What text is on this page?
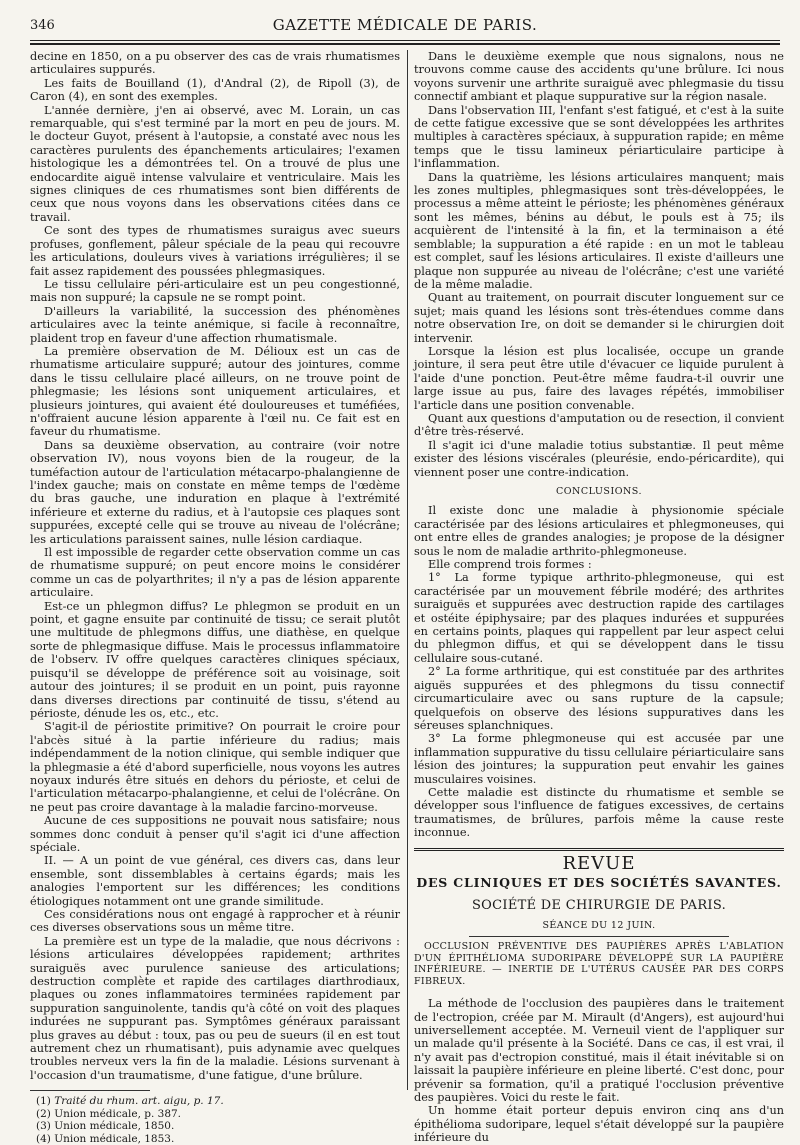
346	GAZETTE MÉDICALE DE PARIS.

decine en 1850, on a pu observer des cas de vrais rhumatismes articulaires suppurés.

Les faits de Bouilland (1), d'Andral (2), de Ripoll (3), de Caron (4), en sont des exemples.

L'année dernière, j'en ai observé, avec M. Lorain, un cas remarquable, qui s'est terminé par la mort en peu de jours. M. le docteur Guyot, présent à l'autopsie, a constaté avec nous les caractères purulents des épanchements articulaires; l'examen histologique les a démontrées tel. On a trouvé de plus une endocardite aiguë intense valvulaire et ventriculaire. Mais les signes cliniques de ces rhumatismes sont bien différents de ceux que nous voyons dans les observations citées dans ce travail.

Ce sont des types de rhumatismes suraigus avec sueurs profuses, gonflement, pâleur spéciale de la peau qui recouvre les articulations, douleurs vives à variations irrégulières; il se fait assez rapidement des poussées phlegmasiques.

Le tissu cellulaire péri-articulaire est un peu congestionné, mais non suppuré; la capsule ne se rompt point.

D'ailleurs la variabilité, la succession des phénomènes articulaires avec la teinte anémique, si facile à reconnaître, plaident trop en faveur d'une affection rhumatismale.

La première observation de M. Délioux est un cas de rhumatisme articulaire suppuré; autour des jointures, comme dans le tissu cellulaire placé ailleurs, on ne trouve point de phlegmasie; les lésions sont uniquement articulaires, et plusieurs jointures, qui avaient été douloureuses et tuméfiées, n'offraient aucune lésion apparente à l'œil nu. Ce fait est en faveur du rhumatisme.

Dans sa deuxième observation, au contraire (voir notre observation IV), nous voyons bien de la rougeur, de la tuméfaction autour de l'articulation métacarpo-phalangienne de l'index gauche; mais on constate en même temps de l'œdème du bras gauche, une induration en plaque à l'extrémité inférieure et externe du radius, et à l'autopsie ces plaques sont suppurées, excepté celle qui se trouve au niveau de l'olécrâne; les articulations paraissent saines, nulle lésion cardiaque.

Il est impossible de regarder cette observation comme un cas de rhumatisme suppuré; on peut encore moins le considérer comme un cas de polyarthrites; il n'y a pas de lésion apparente articulaire.

Est-ce un phlegmon diffus? Le phlegmon se produit en un point, et gagne ensuite par continuité de tissu; ce serait plutôt une multitude de phlegmons diffus, une diathèse, en quelque sorte de phlegmasique diffuse. Mais le processus inflammatoire de l'observ. IV offre quelques caractères cliniques spéciaux, puisqu'il se développe de préférence soit au voisinage, soit autour des jointures; il se produit en un point, puis rayonne dans diverses directions par continuité de tissu, s'étend au périoste, dénude les os, etc., etc.

S'agit-il de périostite primitive? On pourrait le croire pour l'abcès situé à la partie inférieure du radius; mais indépendamment de la notion clinique, qui semble indiquer que la phlegmasie a été d'abord superficielle, nous voyons les autres noyaux indurés être situés en dehors du périoste, et celui de l'articulation métacarpo-phalangienne, et celui de l'olécrâne. On ne peut pas croire davantage à la maladie farcino-morveuse.

Aucune de ces suppositions ne pouvait nous satisfaire; nous sommes donc conduit à penser qu'il s'agit ici d'une affection spéciale.

II. — A un point de vue général, ces divers cas, dans leur ensemble, sont dissemblables à certains égards; mais les analogies l'emportent sur les différences; les conditions étiologiques notamment ont une grande similitude.

Ces considérations nous ont engagé à rapprocher et à réunir ces diverses observations sous un même titre.

La première est un type de la maladie, que nous décrivons : lésions articulaires développées rapidement; arthrites suraiguës avec purulence sanieuse des articulations; destruction complète et rapide des cartilages diarthrodiaux, plaques ou zones inflammatoires terminées rapidement par suppuration sanguinolente, tandis qu'à côté on voit des plaques indurées ne suppurant pas. Symptômes généraux paraissant plus graves au début : toux, pas ou peu de sueurs (il en est tout autrement chez un rhumatisant), puis adynamie avec quelques troubles nerveux vers la fin de la maladie. Lésions survenant à l'occasion d'un traumatisme, d'une fatigue, d'une brûlure.

(1) Traité du rhum. art. aigu, p. 17.

(2) Union médicale, p. 387.

(3) Union médicale, 1850.

(4) Union médicale, 1853.

Dans le deuxième exemple que nous signalons, nous ne trouvons comme cause des accidents qu'une brûlure. Ici nous voyons survenir une arthrite suraiguë avec phlegmasie du tissu connectif ambiant et plaque suppurative sur la région nasale.

Dans l'observation III, l'enfant s'est fatigué, et c'est à la suite de cette fatigue excessive que se sont développées les arthrites multiples à caractères spéciaux, à suppuration rapide; en même temps que le tissu lamineux périarticulaire participe à l'inflammation.

Dans la quatrième, les lésions articulaires manquent; mais les zones multiples, phlegmasiques sont très-développées, le processus a même atteint le périoste; les phénomènes généraux sont les mêmes, bénins au début, le pouls est à 75; ils acquièrent de l'intensité à la fin, et la terminaison a été semblable; la suppuration a été rapide : en un mot le tableau est complet, sauf les lésions articulaires. Il existe d'ailleurs une plaque non suppurée au niveau de l'olécrâne; c'est une variété de la même maladie.

Quant au traitement, on pourrait discuter longuement sur ce sujet; mais quand les lésions sont très-étendues comme dans notre observation Ire, on doit se demander si le chirurgien doit intervenir.

Lorsque la lésion est plus localisée, occupe un grande jointure, il sera peut être utile d'évacuer ce liquide purulent à l'aide d'une ponction. Peut-être même faudra-t-il ouvrir une large issue au pus, faire des lavages répétés, immobiliser l'article dans une position convenable.

Quant aux questions d'amputation ou de resection, il convient d'être très-réservé.

Il s'agit ici d'une maladie totius substantiæ. Il peut même exister des lésions viscérales (pleurésie, endo-péricardite), qui viennent poser une contre-indication.

CONCLUSIONS.

Il existe donc une maladie à physionomie spéciale caractérisée par des lésions articulaires et phlegmoneuses, qui ont entre elles de grandes analogies; je propose de la désigner sous le nom de maladie arthrito-phlegmoneuse.

Elle comprend trois formes :

1° La forme typique arthrito-phlegmoneuse, qui est caractérisée par un mouvement fébrile modéré; des arthrites suraiguës et suppurées avec destruction rapide des cartilages et ostéite épiphysaire; par des plaques indurées et suppurées en certains points, plaques qui rappellent par leur aspect celui du phlegmon diffus, et qui se développent dans le tissu cellulaire sous-cutané.

2° La forme arthritique, qui est constituée par des arthrites aiguës suppurées et des phlegmons du tissu connectif circumarticulaire avec ou sans rupture de la capsule; quelquefois on observe des lésions suppuratives dans les séreuses splanchniques.

3° La forme phlegmoneuse qui est accusée par une inflammation suppurative du tissu cellulaire périarticulaire sans lésion des jointures; la suppuration peut envahir les gaines musculaires voisines.

Cette maladie est distincte du rhumatisme et semble se développer sous l'influence de fatigues excessives, de certains traumatismes, de brûlures, parfois même la cause reste inconnue.

REVUE

DES CLINIQUES ET DES SOCIÉTÉS SAVANTES.

SOCIÉTÉ DE CHIRURGIE DE PARIS.

SÉANCE DU 12 JUIN.

OCCLUSION PRÉVENTIVE DES PAUPIÈRES APRÈS L'ABLATION D'UN ÉPITHÉLIOMA SUDORIPARE DÉVELOPPÉ SUR LA PAUPIÈRE INFÉRIEURE. — INERTIE DE L'UTÉRUS CAUSÉE PAR DES CORPS FIBREUX.

La méthode de l'occlusion des paupières dans le traitement de l'ectropion, créée par M. Mirault (d'Angers), est aujourd'hui universellement acceptée. M. Verneuil vient de l'appliquer sur un malade qu'il présente à la Société. Dans ce cas, il est vrai, il n'y avait pas d'ectropion constitué, mais il était inévitable si on laissait la paupière inférieure en pleine liberté. C'est donc, pour prévenir sa formation, qu'il a pratiqué l'occlusion préventive des paupières. Voici du reste le fait.

Un homme était porteur depuis environ cinq ans d'un épithélioma sudoripare, lequel s'était développé sur la paupière inférieure du
